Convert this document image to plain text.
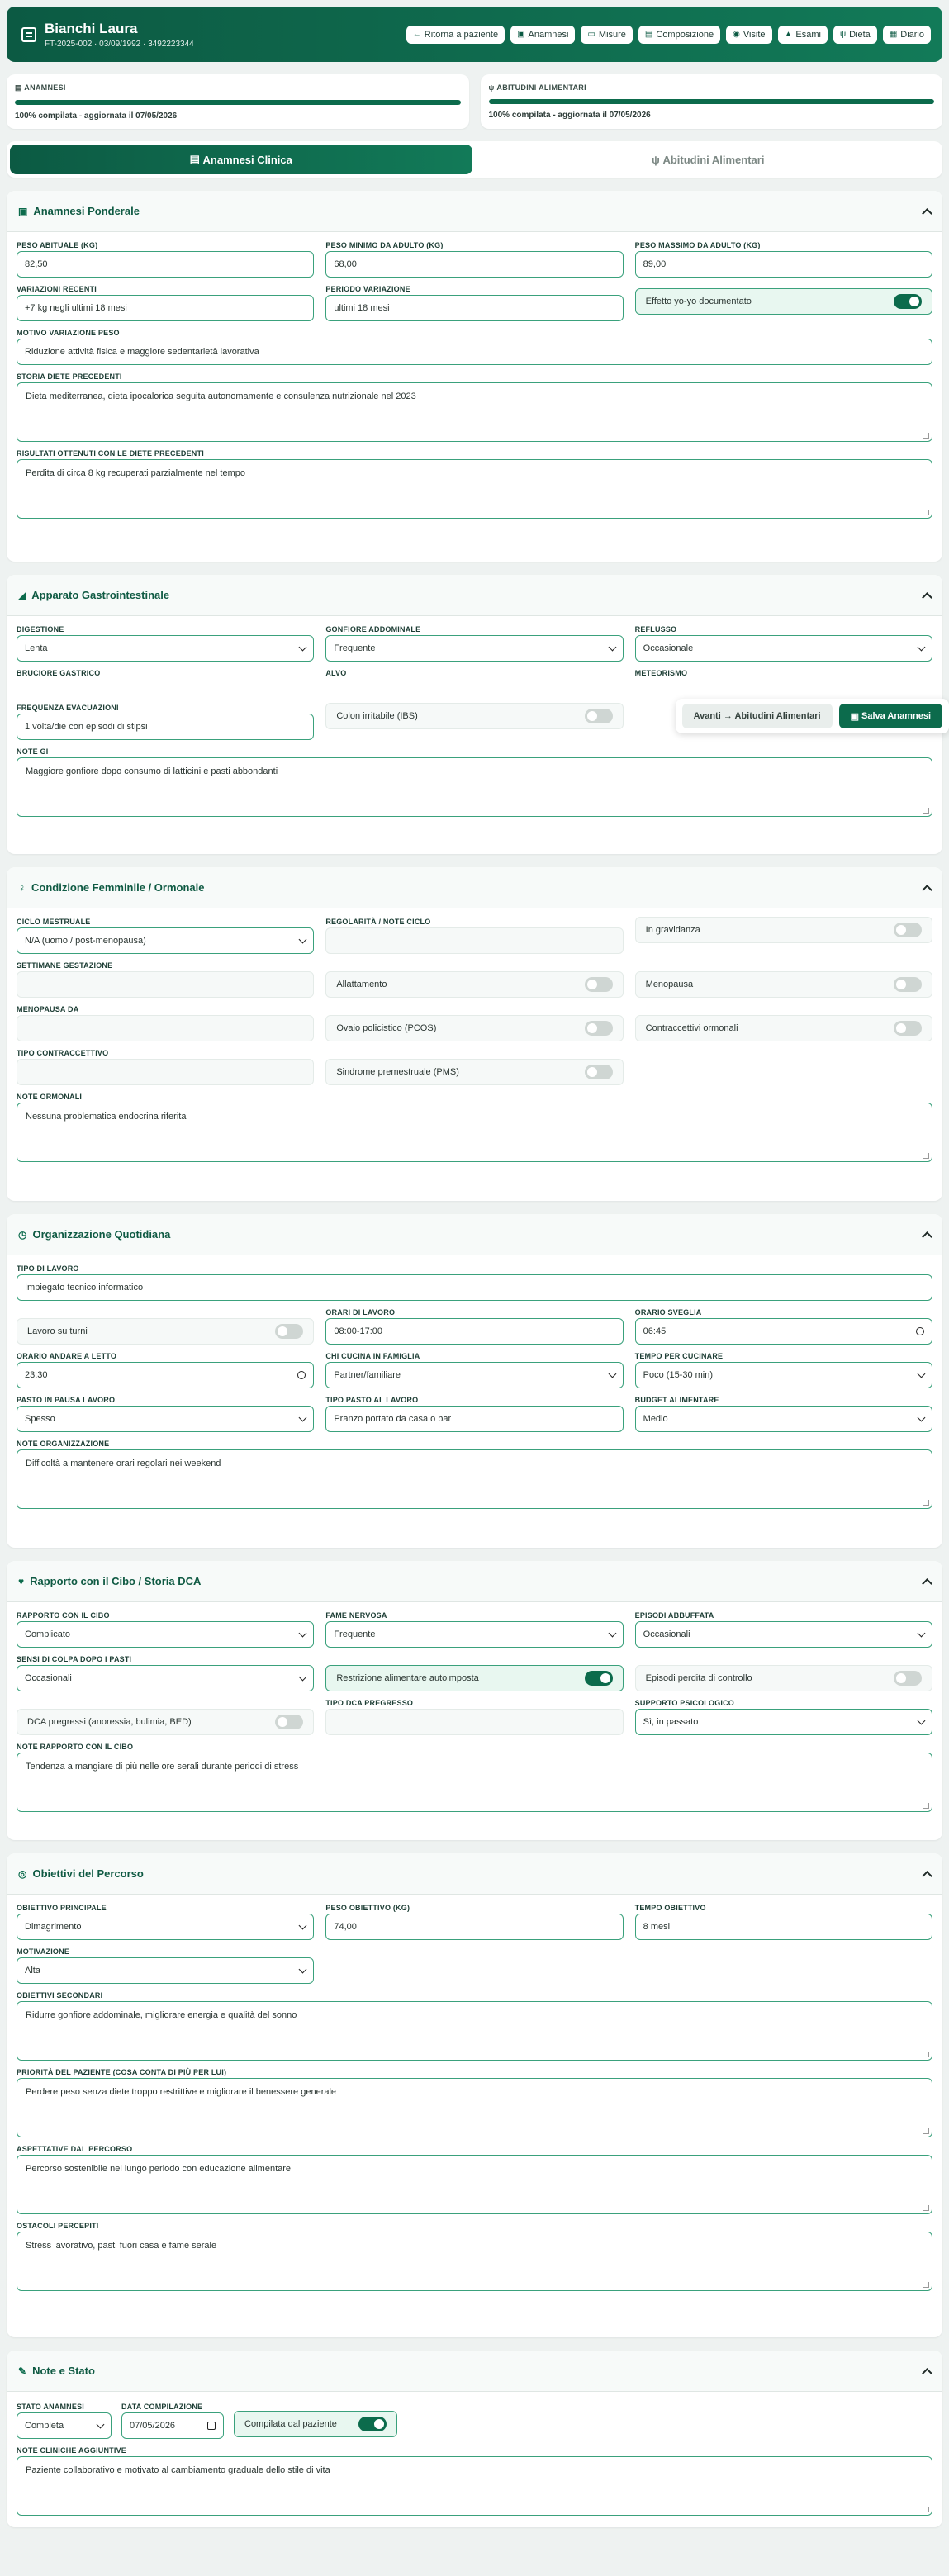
Bianchi Laura
FT-2025-002 · 03/09/1992 · 3492223344
← Ritorna a paziente ▣ Anamnesi ▭ Misure ▤ Composizione ◉ Visite ▲ Esami ψ Dieta ▦ Diario
▤ ANAMNESI
100% compilata - aggiornata il 07/05/2026
ψ ABITUDINI ALIMENTARI
100% compilata - aggiornata il 07/05/2026
▤
Anamnesi Clinica	ψ
Abitudini Alimentari
▣ Anamnesi Ponderale
PESO ABITUALE (KG)
82,50
PESO MINIMO DA ADULTO (KG)
68,00
PESO MASSIMO DA ADULTO (KG)
89,00
VARIAZIONI RECENTI
+7 kg negli ultimi 18 mesi
PERIODO VARIAZIONE
ultimi 18 mesi
Effetto yo-yo documentato
MOTIVO VARIAZIONE PESO
Riduzione attività fisica e maggiore sedentarietà lavorativa
STORIA DIETE PRECEDENTI
Dieta mediterranea, dieta ipocalorica seguita autonomamente e consulenza nutrizionale nel 2023
RISULTATI OTTENUTI CON LE DIETE PRECEDENTI
Perdita di circa 8 kg recuperati parzialmente nel tempo
◢ Apparato Gastrointestinale
DIGESTIONE
Lenta
GONFIORE ADDOMINALE
Frequente
REFLUSSO
Occasionale
BRUCIORE GASTRICO	ALVO	METEORISMO
FREQUENZA EVACUAZIONI
1 volta/die con episodi di stipsi
Colon irritabile (IBS)
NOTE GI
Maggiore gonfiore dopo consumo di latticini e pasti abbondanti
♀ Condizione Femminile / Ormonale
CICLO MESTRUALE
N/A (uomo / post-menopausa)
REGOLARITÀ / NOTE CICLO
In gravidanza
SETTIMANE GESTAZIONE
Allattamento	Menopausa
MENOPAUSA DA
Ovaio policistico (PCOS)	Contraccettivi ormonali
TIPO CONTRACCETTIVO
Sindrome premestruale (PMS)
NOTE ORMONALI
Nessuna problematica endocrina riferita
◷ Organizzazione Quotidiana
TIPO DI LAVORO
Impiegato tecnico informatico
Lavoro su turni
ORARI DI LAVORO
08:00-17:00
ORARIO SVEGLIA
06:45
ORARIO ANDARE A LETTO
23:30
CHI CUCINA IN FAMIGLIA
Partner/familiare
TEMPO PER CUCINARE
Poco (15-30 min)
PASTO IN PAUSA LAVORO
Spesso
TIPO PASTO AL LAVORO
Pranzo portato da casa o bar
BUDGET ALIMENTARE
Medio
NOTE ORGANIZZAZIONE
Difficoltà a mantenere orari regolari nei weekend
♥ Rapporto con il Cibo / Storia DCA
RAPPORTO CON IL CIBO
Complicato
FAME NERVOSA
Frequente
EPISODI ABBUFFATA
Occasionali
SENSI DI COLPA DOPO I PASTI
Occasionali	Restrizione alimentare autoimposta	Episodi perdita di controllo
DCA pregressi (anoressia, bulimia, BED)
TIPO DCA PREGRESSO	SUPPORTO PSICOLOGICO
Sì, in passato
NOTE RAPPORTO CON IL CIBO
Tendenza a mangiare di più nelle ore serali durante periodi di stress
◎ Obiettivi del Percorso
OBIETTIVO PRINCIPALE
Dimagrimento
PESO OBIETTIVO (KG)
74,00
TEMPO OBIETTIVO
8 mesi
MOTIVAZIONE
Alta
OBIETTIVI SECONDARI
Ridurre gonfiore addominale, migliorare energia e qualità del sonno
PRIORITÀ DEL PAZIENTE (COSA CONTA DI PIÙ PER LUI)
Perdere peso senza diete troppo restrittive e migliorare il benessere generale
ASPETTATIVE DAL PERCORSO
Percorso sostenibile nel lungo periodo con educazione alimentare
OSTACOLI PERCEPITI
Stress lavorativo, pasti fuori casa e fame serale
✎ Note e Stato
STATO ANAMNESI
Completa
DATA COMPILAZIONE
07/05/2026	Compilata dal paziente
NOTE CLINICHE AGGIUNTIVE
Paziente collaborativo e motivato al cambiamento graduale dello stile di vita
Avanti → Abitudini Alimentari	▣ Salva Anamnesi
